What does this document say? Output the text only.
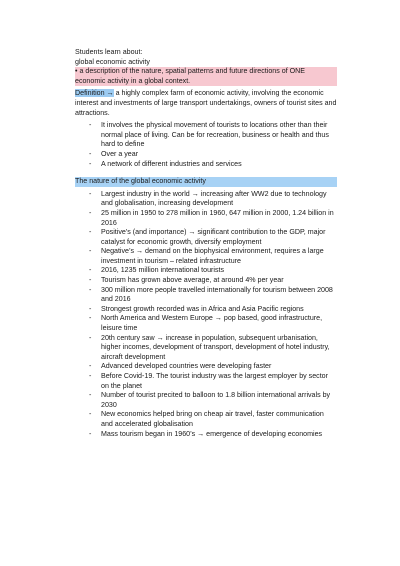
Students learn about:
global economic activity
• a description of the nature, spatial patterns and future directions of ONE economic activity in a global context.
Definition → a highly complex farm of economic activity, involving the economic interest and investments of large transport undertakings, owners of tourist sites and attractions.
- It involves the physical movement of tourists to locations other than their normal place of living. Can be for recreation, business or health and thus hard to define
- Over a year
- A network of different industries and services
The nature of the global economic activity
- Largest industry in the world → increasing after WW2 due to technology and globalisation, increasing development
- 25 million in 1950 to 278 million in 1960, 647 million in 2000, 1.24 billion in 2016
- Positive’s (and importance) → significant contribution to the GDP, major catalyst for economic growth, diversify employment
- Negative’s → demand on the biophysical environment, requires a large investment in tourism – related infrastructure
- 2016, 1235 million international tourists
- Tourism has grown above average, at around 4% per year
- 300 million more people travelled internationally for tourism between 2008 and 2016
- Strongest growth recorded was in Africa and Asia Pacific regions
- North America and Western Europe → pop based, good infrastructure, leisure time
- 20th century saw → increase in population, subsequent urbanisation, higher incomes, development of transport, development of hotel industry, aircraft development
- Advanced developed countries were developing faster
- Before Covid-19. The tourist industry was the largest employer by sector on the planet
- Number of tourist precited to balloon to 1.8 billion international arrivals by 2030
- New economics helped bring on cheap air travel, faster communication and accelerated globalisation
- Mass tourism began in 1960’s → emergence of developing economies
